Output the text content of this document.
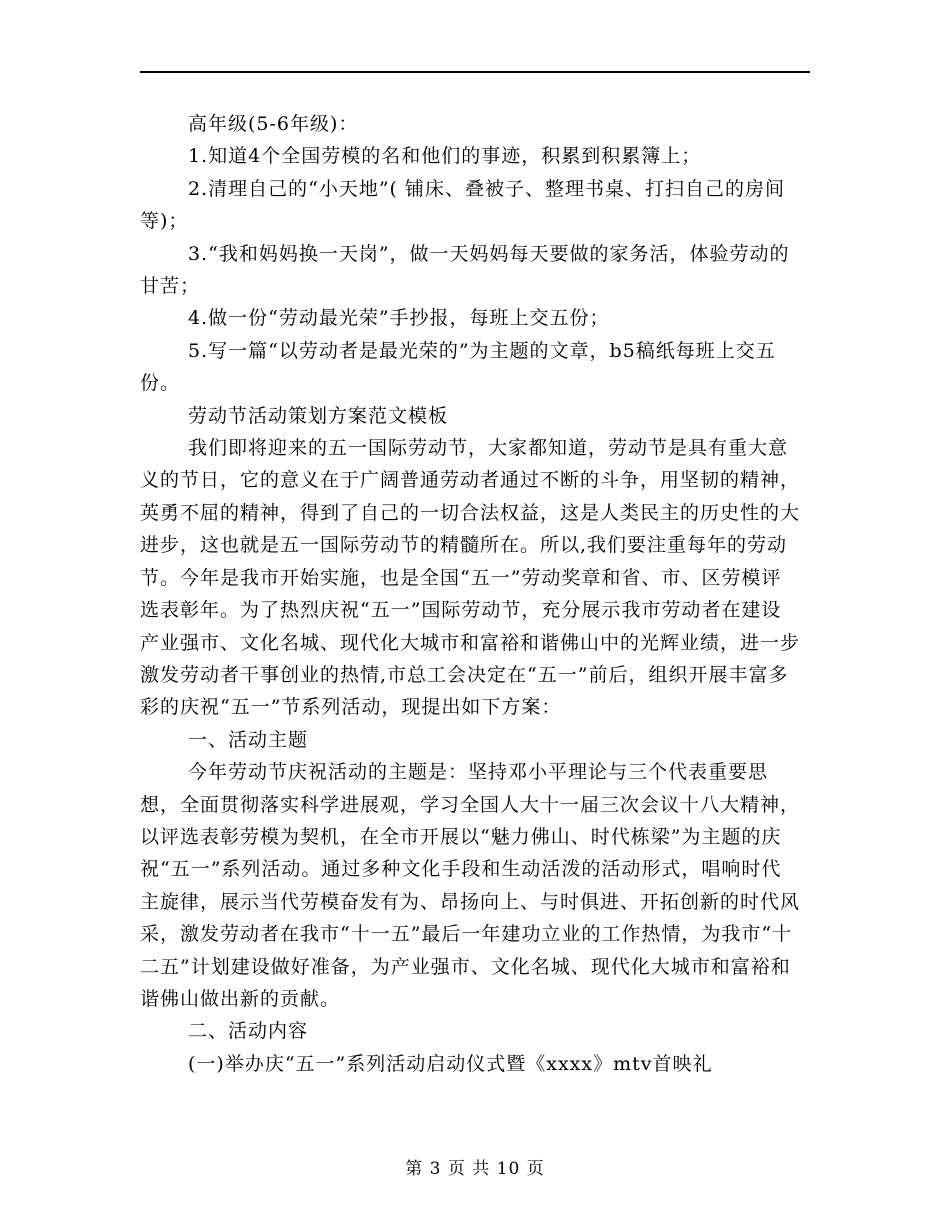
高年级(5-6年级)：

1.知道4个全国劳模的名和他们的事迹，积累到积累簿上；

2.清理自己的“小天地”( 铺床、叠被子、整理书桌、打扫自己的房间等)；

3.“我和妈妈换一天岗”，做一天妈妈每天要做的家务活，体验劳动的甘苦；

4.做一份“劳动最光荣”手抄报，每班上交五份；

5.写一篇“以劳动者是最光荣的”为主题的文章，b5稿纸每班上交五份。

劳动节活动策划方案范文模板

我们即将迎来的五一国际劳动节，大家都知道，劳动节是具有重大意义的节日，它的意义在于广阔普通劳动者通过不断的斗争，用坚韧的精神，英勇不屈的精神，得到了自己的一切合法权益，这是人类民主的历史性的大进步，这也就是五一国际劳动节的精髓所在。所以,我们要注重每年的劳动节。今年是我市开始实施，也是全国“五一”劳动奖章和省、市、区劳模评选表彰年。为了热烈庆祝“五一”国际劳动节，充分展示我市劳动者在建设产业强市、文化名城、现代化大城市和富裕和谐佛山中的光辉业绩，进一步激发劳动者干事创业的热情,市总工会决定在“五一”前后，组织开展丰富多彩的庆祝“五一”节系列活动，现提出如下方案：

一、活动主题

今年劳动节庆祝活动的主题是：坚持邓小平理论与三个代表重要思想，全面贯彻落实科学进展观，学习全国人大十一届三次会议十八大精神，以评选表彰劳模为契机，在全市开展以“魅力佛山、时代栋梁”为主题的庆祝“五一”系列活动。通过多种文化手段和生动活泼的活动形式，唱响时代主旋律，展示当代劳模奋发有为、昂扬向上、与时俱进、开拓创新的时代风采，激发劳动者在我市“十一五”最后一年建功立业的工作热情，为我市“十二五”计划建设做好准备，为产业强市、文化名城、现代化大城市和富裕和谐佛山做出新的贡献。

二、活动内容

(一)举办庆“五一”系列活动启动仪式暨《xxxx》mtv首映礼

第 3 页 共 10 页
